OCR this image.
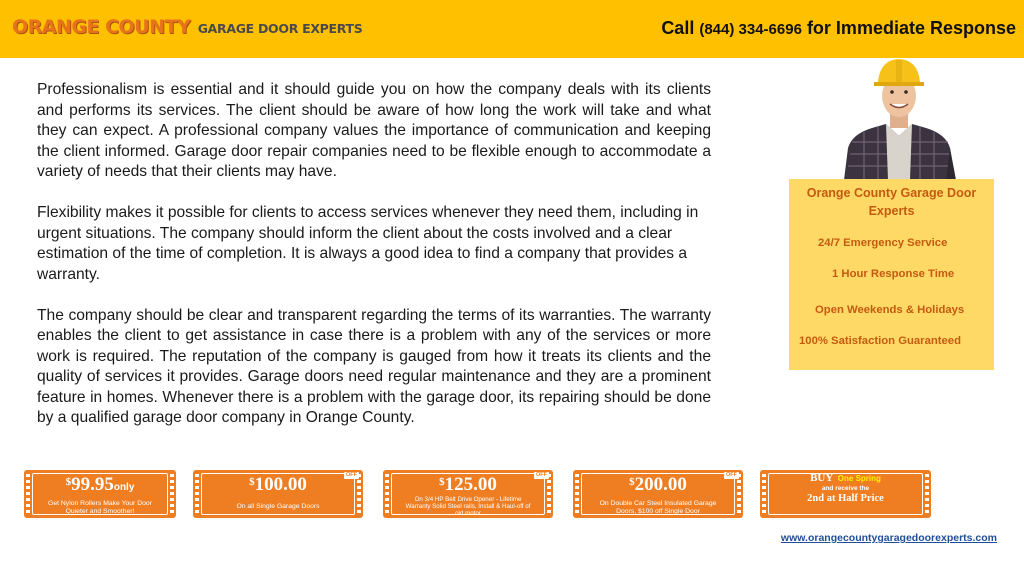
ORANGE COUNTY GARAGE DOOR EXPERTS	Call (844) 334-6696 for Immediate Response

Professionalism is essential and it should guide you on how the company deals with its clients and performs its services. The client should be aware of how long the work will take and what they can expect. A professional company values the importance of communication and keeping the client informed. Garage door repair companies need to be flexible enough to accommodate a variety of needs that their clients may have.

Flexibility makes it possible for clients to access services whenever they need them, including in urgent situations. The company should inform the client about the costs involved and a clear estimation of the time of completion. It is always a good idea to find a company that provides a warranty.

The company should be clear and transparent regarding the terms of its warranties. The warranty enables the client to get assistance in case there is a problem with any of the services or more work is required. The reputation of the company is gauged from how it treats its clients and the quality of services it provides. Garage doors need regular maintenance and they are a prominent feature in homes. Whenever there is a problem with the garage door, its repairing should be done by a qualified garage door company in Orange County.

Orange County Garage Door Experts
24/7 Emergency Service
1 Hour Response Time
Open Weekends & Holidays
100% Satisfaction Guaranteed
$99.95only
Get Nylon Rollers Make Your Door Quieter and Smoother!
OFF
$100.00
On all Single Garage Doors
OFF
$125.00
On 3/4 HP Belt Drive Opener - Lifetime Warranty Solid Steel rails, Install & Haul-off of old motor
OFF
$200.00
On Double Car Steel Insulated Garage Doors, $100 off Single Door
BUY One Spring
and receive the
2nd at Half Price
www.orangecountygaragedoorexperts.com
